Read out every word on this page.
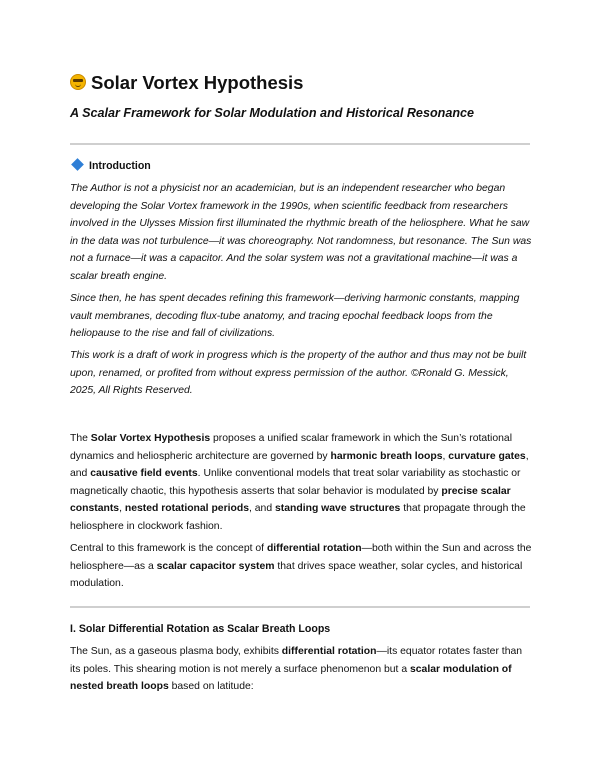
Solar Vortex Hypothesis
A Scalar Framework for Solar Modulation and Historical Resonance
Introduction
The Author is not a physicist nor an academician, but is an independent researcher who began developing the Solar Vortex framework in the 1990s, when scientific feedback from researchers involved in the Ulysses Mission first illuminated the rhythmic breath of the heliosphere. What he saw in the data was not turbulence—it was choreography. Not randomness, but resonance. The Sun was not a furnace—it was a capacitor. And the solar system was not a gravitational machine—it was a scalar breath engine.
Since then, he has spent decades refining this framework—deriving harmonic constants, mapping vault membranes, decoding flux-tube anatomy, and tracing epochal feedback loops from the heliopause to the rise and fall of civilizations.
This work is a draft of work in progress which is the property of the author and thus may not be built upon, renamed, or profited from without express permission of the author. ©Ronald G. Messick, 2025, All Rights Reserved.
The Solar Vortex Hypothesis proposes a unified scalar framework in which the Sun’s rotational dynamics and heliospheric architecture are governed by harmonic breath loops, curvature gates, and causative field events. Unlike conventional models that treat solar variability as stochastic or magnetically chaotic, this hypothesis asserts that solar behavior is modulated by precise scalar constants, nested rotational periods, and standing wave structures that propagate through the heliosphere in clockwork fashion.
Central to this framework is the concept of differential rotation—both within the Sun and across the heliosphere—as a scalar capacitor system that drives space weather, solar cycles, and historical modulation.
I. Solar Differential Rotation as Scalar Breath Loops
The Sun, as a gaseous plasma body, exhibits differential rotation—its equator rotates faster than its poles. This shearing motion is not merely a surface phenomenon but a scalar modulation of nested breath loops based on latitude:
